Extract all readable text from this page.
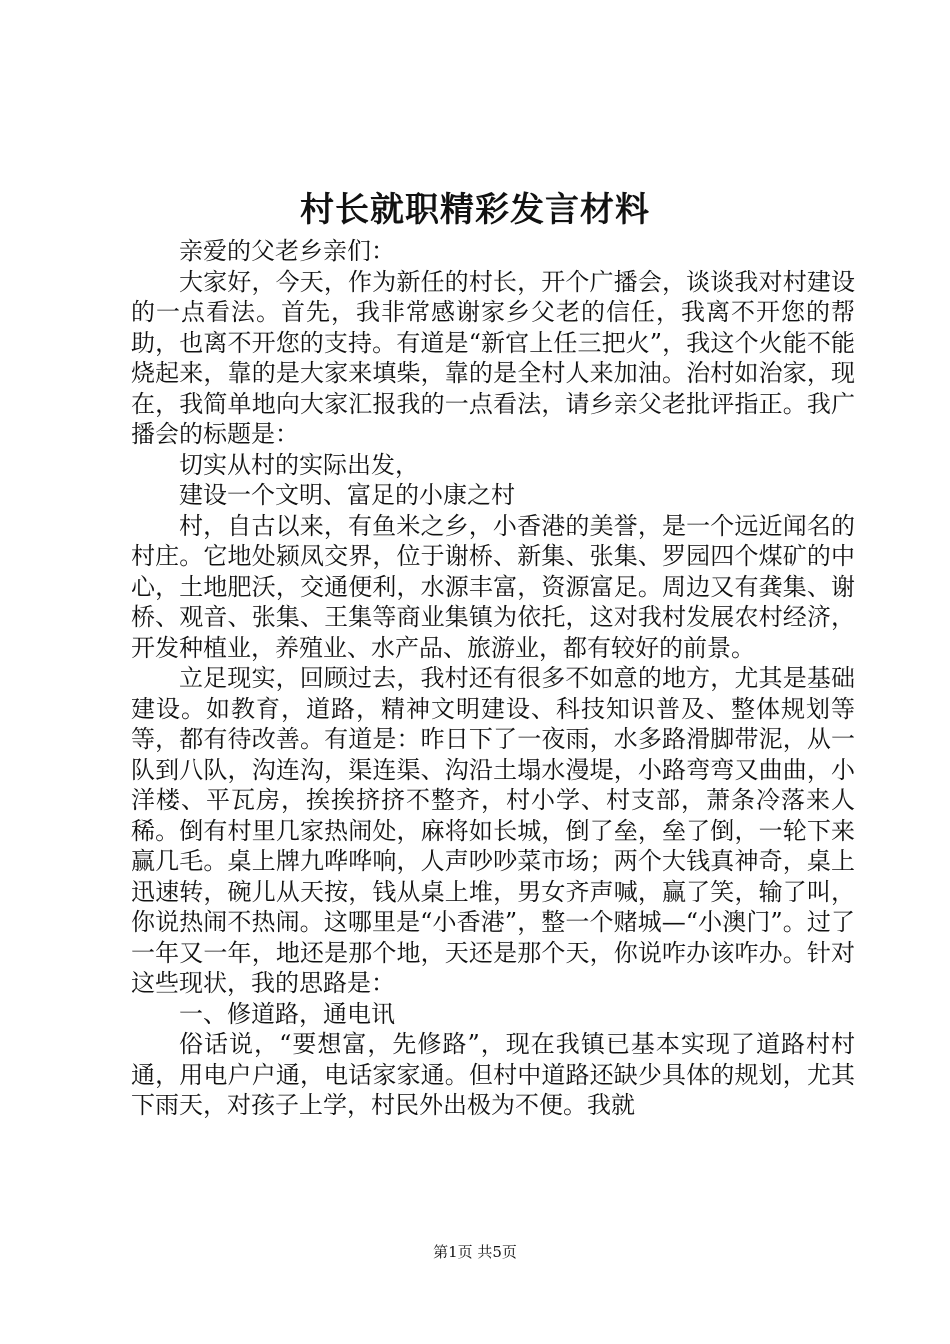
村长就职精彩发言材料

亲爱的父老乡亲们：

大家好，今天，作为新任的村长，开个广播会，谈谈我对村建设的一点看法。首先，我非常感谢家乡父老的信任，我离不开您的帮助，也离不开您的支持。有道是“新官上任三把火”，我这个火能不能烧起来，靠的是大家来填柴，靠的是全村人来加油。治村如治家，现在，我简单地向大家汇报我的一点看法，请乡亲父老批评指正。我广播会的标题是：

切实从村的实际出发，

建设一个文明、富足的小康之村

村，自古以来，有鱼米之乡，小香港的美誉，是一个远近闻名的村庄。它地处颍凤交界，位于谢桥、新集、张集、罗园四个煤矿的中心，土地肥沃，交通便利，水源丰富，资源富足。周边又有龚集、谢桥、观音、张集、王集等商业集镇为依托，这对我村发展农村经济，开发种植业，养殖业、水产品、旅游业，都有较好的前景。

立足现实，回顾过去，我村还有很多不如意的地方，尤其是基础建设。如教育，道路，精神文明建设、科技知识普及、整体规划等等，都有待改善。有道是：昨日下了一夜雨，水多路滑脚带泥，从一队到八队，沟连沟，渠连渠、沟沿土塌水漫堤，小路弯弯又曲曲，小洋楼、平瓦房，挨挨挤挤不整齐，村小学、村支部，萧条冷落来人稀。倒有村里几家热闹处，麻将如长城，倒了垒，垒了倒，一轮下来赢几毛。桌上牌九哗哗响，人声吵吵菜市场；两个大钱真神奇，桌上迅速转，碗儿从天按，钱从桌上堆，男女齐声喊，赢了笑，输了叫，你说热闹不热闹。这哪里是“小香港”，整一个赌城—“小澳门”。过了一年又一年，地还是那个地，天还是那个天，你说咋办该咋办。针对这些现状，我的思路是：

一、修道路，通电讯

俗话说，“要想富，先修路”，现在我镇已基本实现了道路村村通，用电户户通，电话家家通。但村中道路还缺少具体的规划，尤其下雨天，对孩子上学，村民外出极为不便。我就

第1页 共5页
